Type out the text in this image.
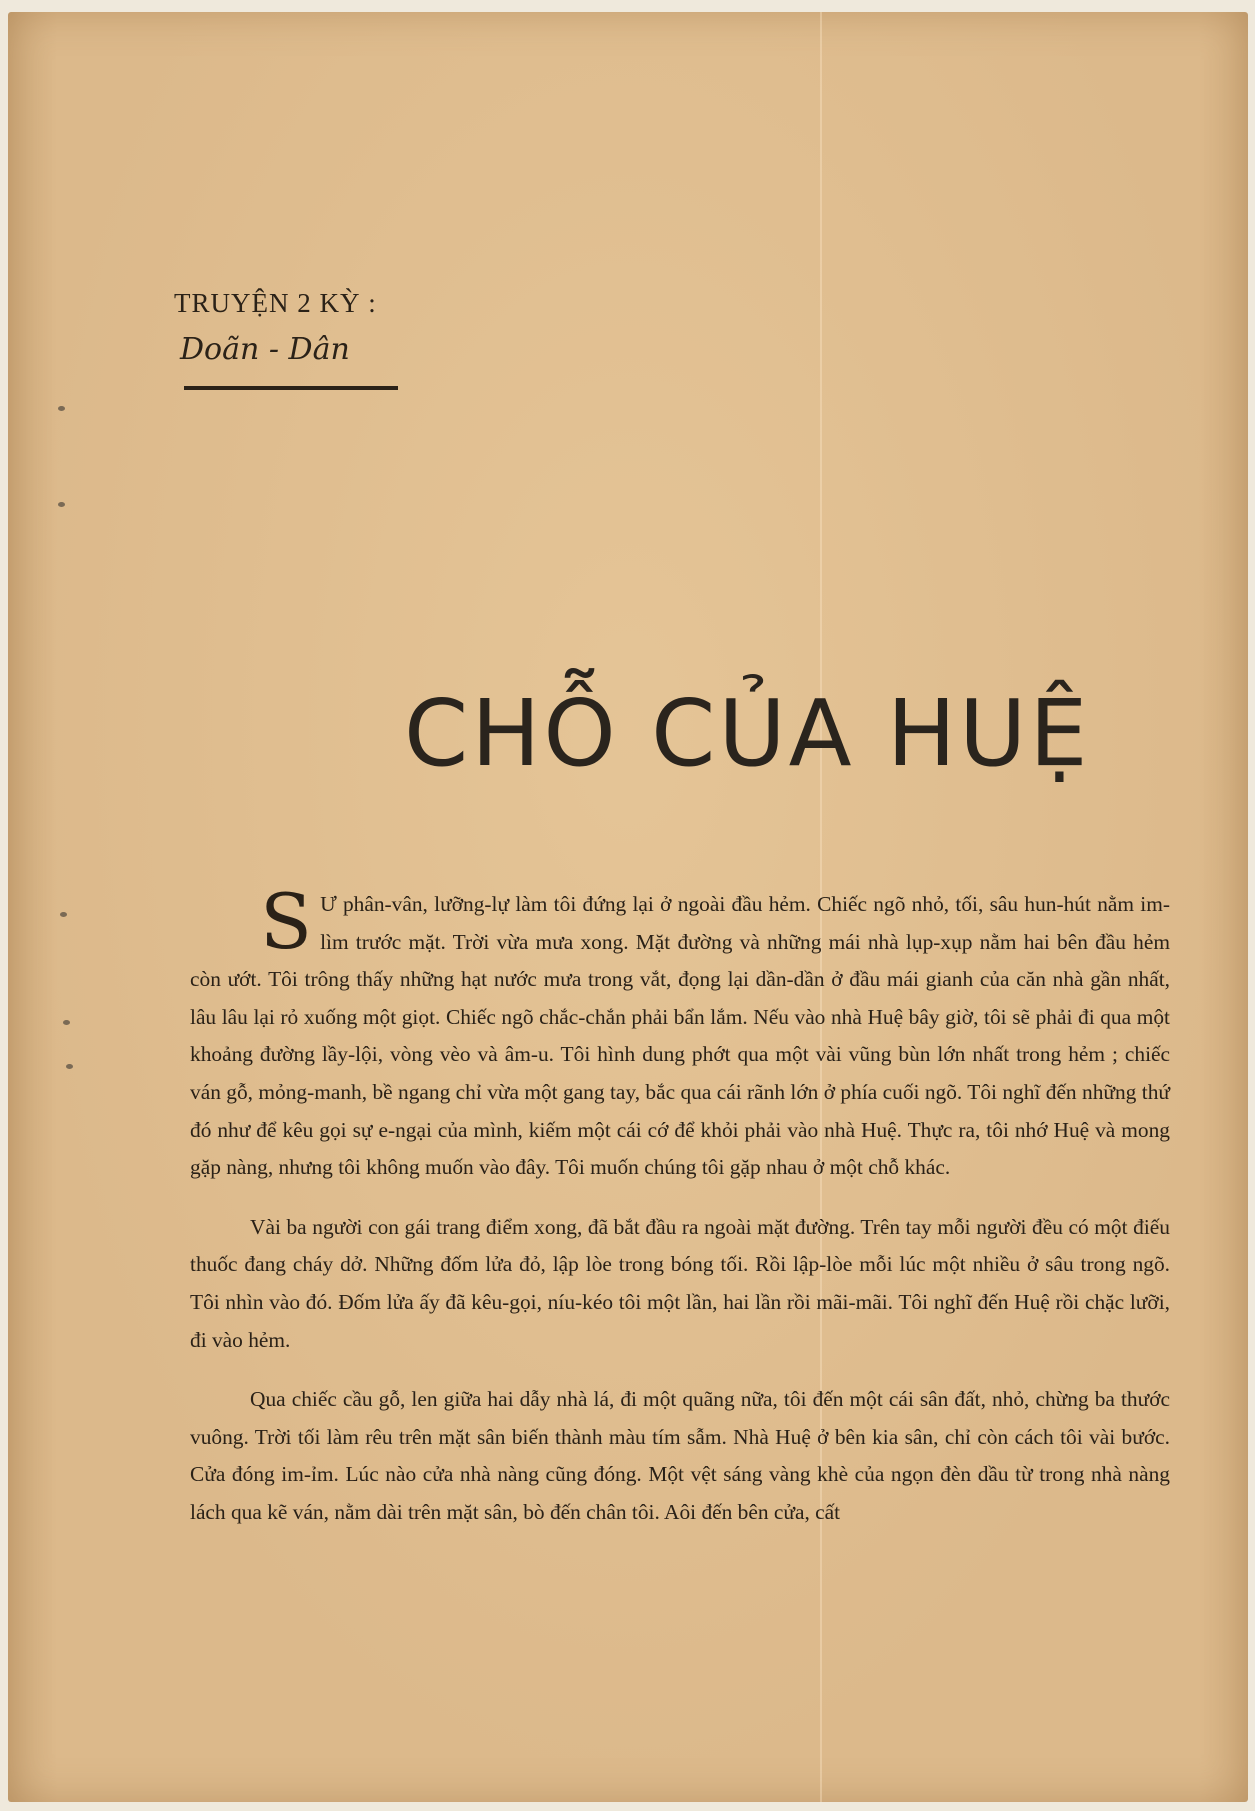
TRUYỆN 2 KỲ :

Doãn - Dân
CHỖ CỦA HUỆ

S Ư phân-vân, lưỡng-lự làm tôi đứng lại ở ngoài đầu hẻm. Chiếc ngõ nhỏ, tối, sâu hun-hút nằm im-lìm trước mặt. Trời vừa mưa xong. Mặt đường và những mái nhà lụp-xụp nằm hai bên đầu hẻm còn ướt. Tôi trông thấy những hạt nước mưa trong vắt, đọng lại dần-dần ở đầu mái gianh của căn nhà gần nhất, lâu lâu lại rỏ xuống một giọt. Chiếc ngõ chắc-chắn phải bẩn lắm. Nếu vào nhà Huệ bây giờ, tôi sẽ phải đi qua một khoảng đường lầy-lội, vòng vèo và âm-u. Tôi hình dung phớt qua một vài vũng bùn lớn nhất trong hẻm ; chiếc ván gỗ, mỏng-manh, bề ngang chỉ vừa một gang tay, bắc qua cái rãnh lớn ở phía cuối ngõ. Tôi nghĩ đến những thứ đó như để kêu gọi sự e-ngại của mình, kiếm một cái cớ để khỏi phải vào nhà Huệ. Thực ra, tôi nhớ Huệ và mong gặp nàng, nhưng tôi không muốn vào đây. Tôi muốn chúng tôi gặp nhau ở một chỗ khác.

Vài ba người con gái trang điểm xong, đã bắt đầu ra ngoài mặt đường. Trên tay mỗi người đều có một điếu thuốc đang cháy dở. Những đốm lửa đỏ, lập lòe trong bóng tối. Rồi lập-lòe mỗi lúc một nhiều ở sâu trong ngõ. Tôi nhìn vào đó. Đốm lửa ấy đã kêu-gọi, níu-kéo tôi một lần, hai lần rồi mãi-mãi. Tôi nghĩ đến Huệ rồi chặc lưỡi, đi vào hẻm.

Qua chiếc cầu gỗ, len giữa hai dẫy nhà lá, đi một quãng nữa, tôi đến một cái sân đất, nhỏ, chừng ba thước vuông. Trời tối làm rêu trên mặt sân biến thành màu tím sẫm. Nhà Huệ ở bên kia sân, chỉ còn cách tôi vài bước. Cửa đóng im-ỉm. Lúc nào cửa nhà nàng cũng đóng. Một vệt sáng vàng khè của ngọn đèn dầu từ trong nhà nàng lách qua kẽ ván, nằm dài trên mặt sân, bò đến chân tôi. Aôi đến bên cửa, cất
